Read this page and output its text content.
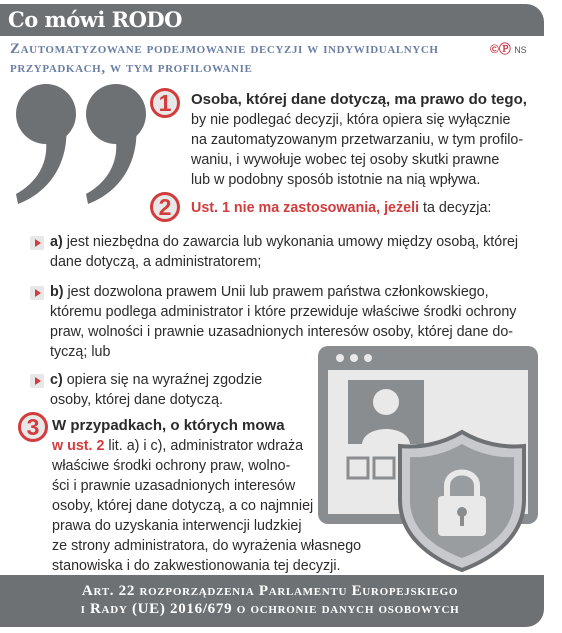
Co mówi RODO
Zautomatyzowane podejmowanie decyzji w indywidualnych przypadkach, w tym profilowanie
©Ⓟ NS
1 Osoba, której dane dotyczą, ma prawo do tego,
by nie podlegać decyzji, która opiera się wyłącznie
na zautomatyzowanym przetwarzaniu, w tym profilo-
waniu, i wywołuje wobec tej osoby skutki prawne
lub w podobny sposób istotnie na nią wpływa.
2 Ust. 1 nie ma zastosowania, jeżeli ta decyzja:
a) jest niezbędna do zawarcia lub wykonania umowy między osobą, której
dane dotyczą, a administratorem;
b) jest dozwolona prawem Unii lub prawem państwa członkowskiego,
któremu podlega administrator i które przewiduje właściwe środki ochrony
praw, wolności i prawnie uzasadnionych interesów osoby, której dane do-
tyczą; lub
c) opiera się na wyraźnej zgodzie
osoby, której dane dotyczą.
3 W przypadkach, o których mowa
w ust. 2 lit. a) i c), administrator wdraża
właściwe środki ochrony praw, wolno-
ści i prawnie uzasadnionych interesów
osoby, której dane dotyczą, a co najmniej
prawa do uzyskania interwencji ludzkiej
ze strony administratora, do wyrażenia własnego
stanowiska i do zakwestionowania tej decyzji.
Art. 22 rozporządzenia Parlamentu Europejskiego
i Rady (UE) 2016/679 o ochronie danych osobowych
